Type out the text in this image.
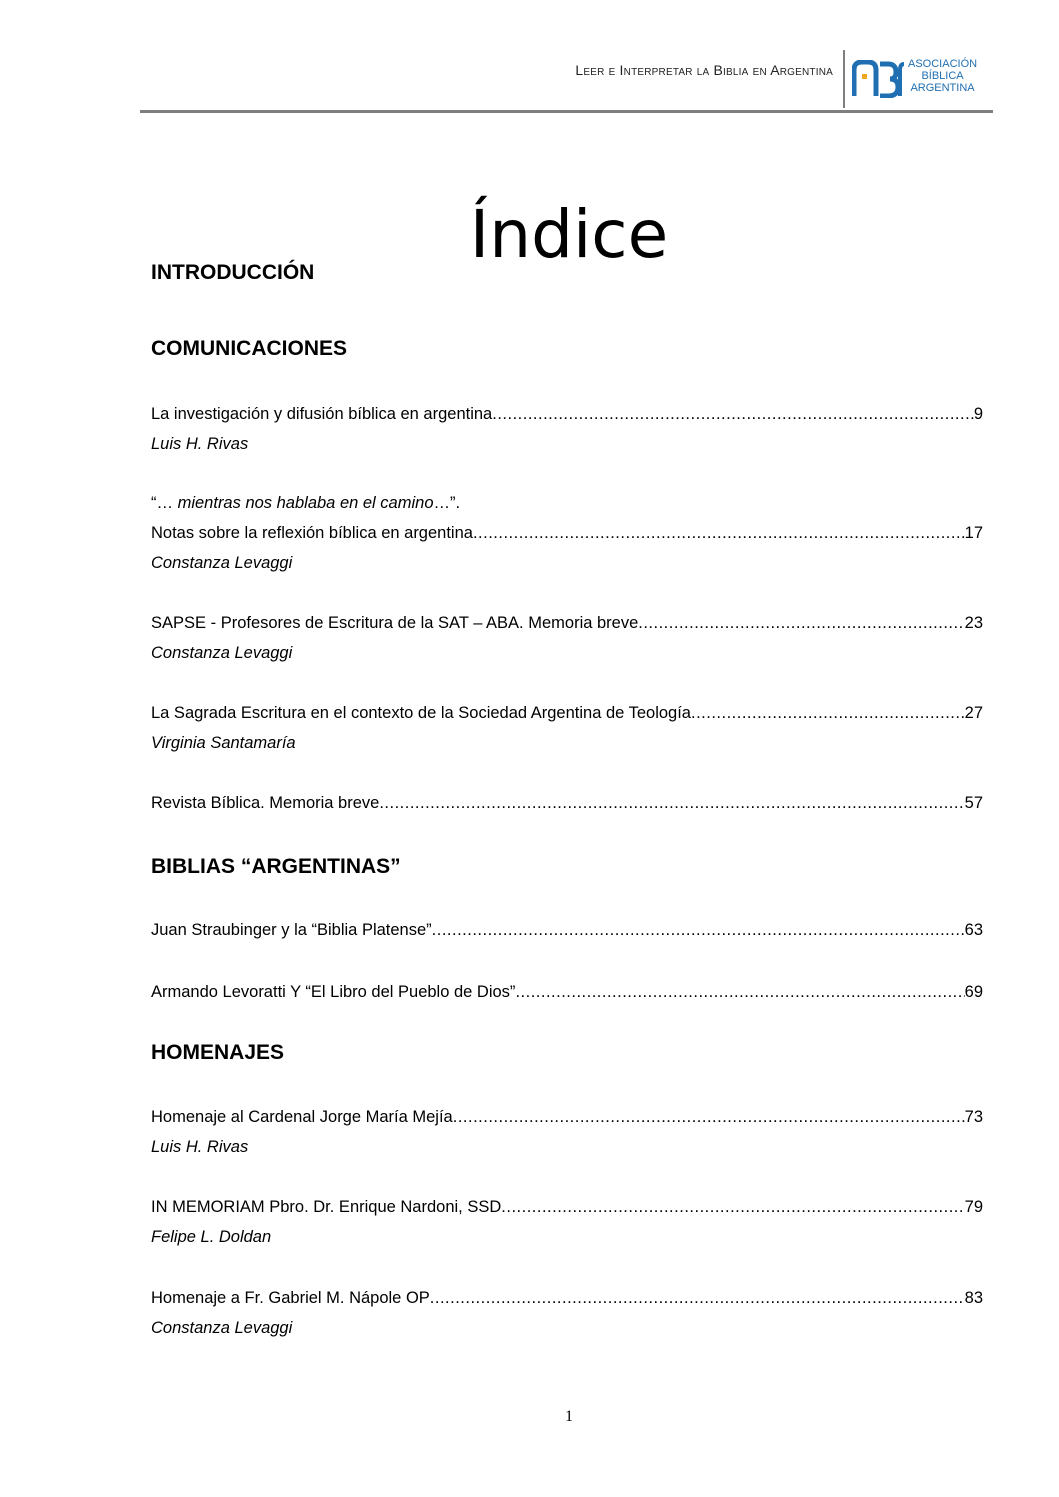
Leer e Interpretar la Biblia en Argentina	ASOCIACIÓN
BÍBLICA
ARGENTINA
Índice
INTRODUCCIÓN
COMUNICACIONES
La investigación y difusión bíblica en argentina .....	9
Luis H. Rivas
“… mientras nos hablaba en el camino…”.
Notas sobre la reflexión bíblica en argentina .....	17
Constanza Levaggi
SAPSE - Profesores de Escritura de la SAT – ABA. Memoria breve .....	23
Constanza Levaggi
La Sagrada Escritura en el contexto de la Sociedad Argentina de Teología .....	27
Virginia Santamaría
Revista Bíblica. Memoria breve .....	57
BIBLIAS “ARGENTINAS”
Juan Straubinger y la “Biblia Platense” .....	63
Armando Levoratti Y “El Libro del Pueblo de Dios” .....	69
HOMENAJES
Homenaje al Cardenal Jorge María Mejía .....	73
Luis H. Rivas
IN MEMORIAM Pbro. Dr. Enrique Nardoni, SSD .....	79
Felipe L. Doldan
Homenaje a Fr. Gabriel M. Nápole OP .....	83
Constanza Levaggi
1
